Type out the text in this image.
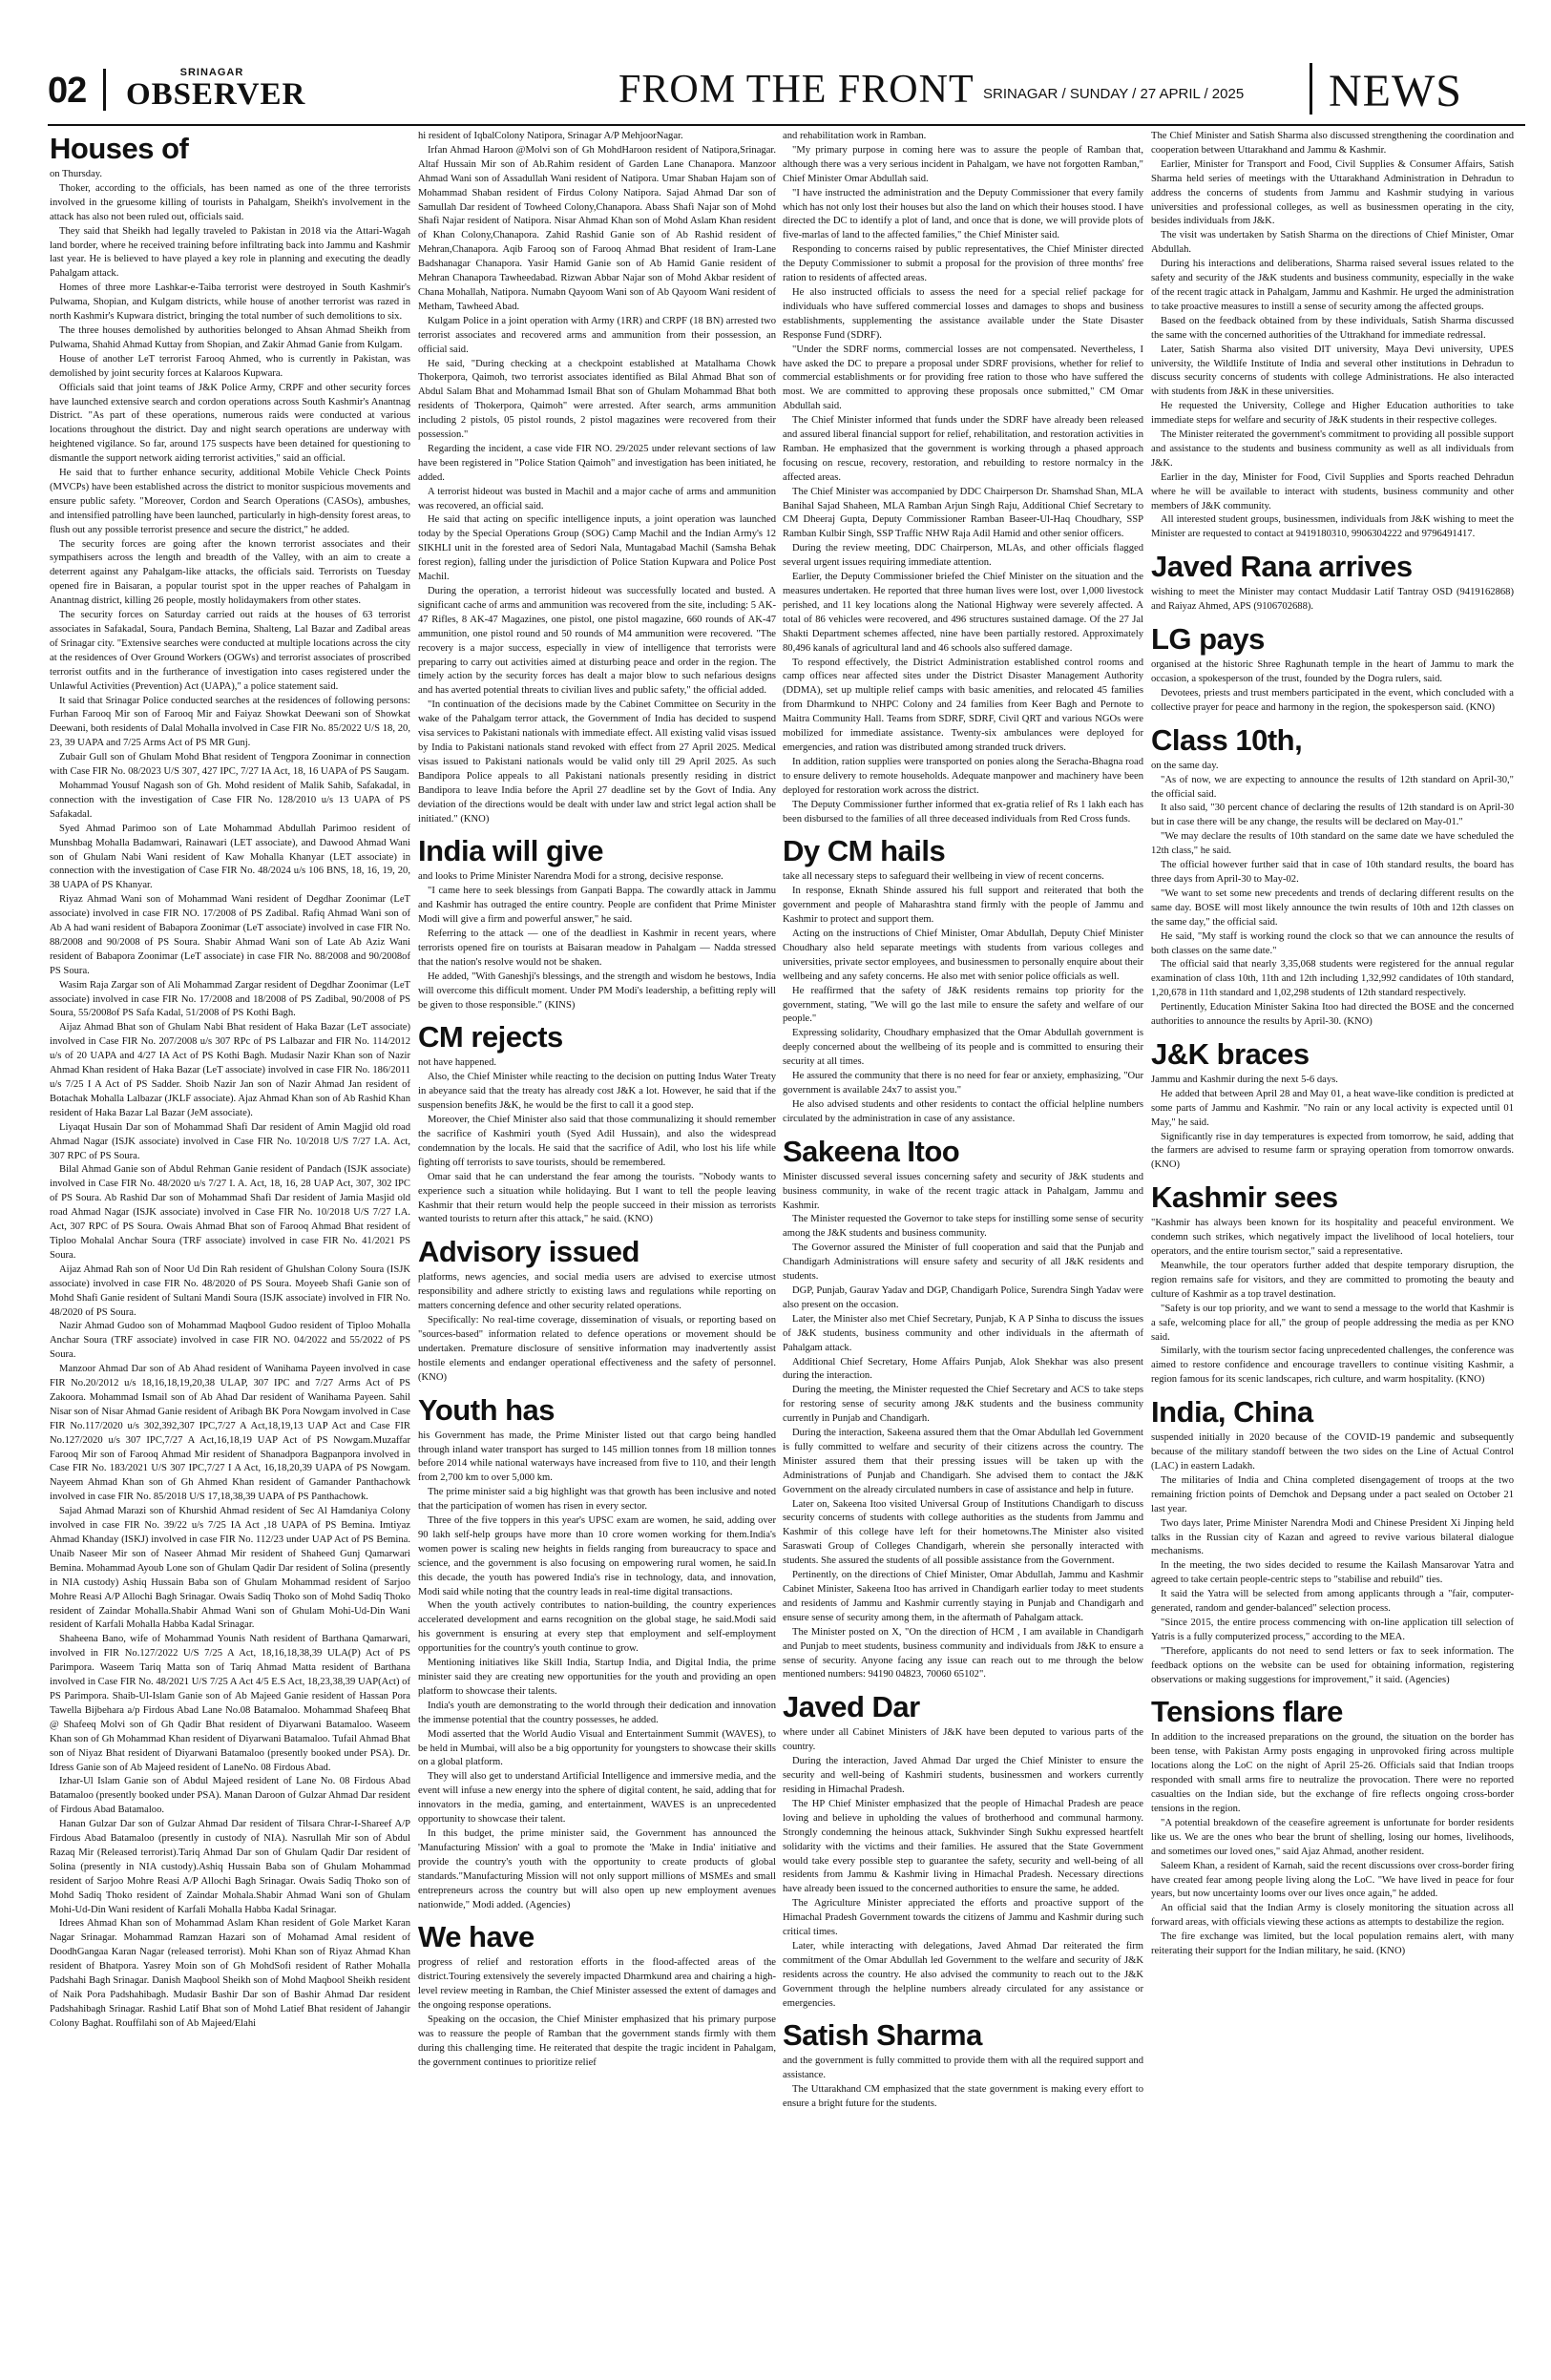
02	SRINAGAR
OBSERVER	FROM THE FRONT SRINAGAR / SUNDAY / 27 APRIL / 2025 NEWS
Houses of

on Thursday.

Thoker, according to the officials, has been named as one of the three terrorists involved in the gruesome killing of tourists in Pahalgam, Sheikh's involvement in the attack has also not been ruled out, officials said.

They said that Sheikh had legally traveled to Pakistan in 2018 via the Attari-Wagah land border, where he received training before infiltrating back into Jammu and Kashmir last year. He is believed to have played a key role in planning and executing the deadly Pahalgam attack.

Homes of three more Lashkar-e-Taiba terrorist were destroyed in South Kashmir's Pulwama, Shopian, and Kulgam districts, while house of another terrorist was razed in north Kashmir's Kupwara district, bringing the total number of such demolitions to six.

The three houses demolished by authorities belonged to Ahsan Ahmad Sheikh from Pulwama, Shahid Ahmad Kuttay from Shopian, and Zakir Ahmad Ganie from Kulgam.

House of another LeT terrorist Farooq Ahmed, who is currently in Pakistan, was demolished by joint security forces at Kalaroos Kupwara.

Officials said that joint teams of J&K Police Army, CRPF and other security forces have launched extensive search and cordon operations across South Kashmir's Anantnag District. "As part of these operations, numerous raids were conducted at various locations throughout the district. Day and night search operations are underway with heightened vigilance. So far, around 175 suspects have been detained for questioning to dismantle the support network aiding terrorist activities," said an official.

He said that to further enhance security, additional Mobile Vehicle Check Points (MVCPs) have been established across the district to monitor suspicious movements and ensure public safety. "Moreover, Cordon and Search Operations (CASOs), ambushes, and intensified patrolling have been launched, particularly in high-density forest areas, to flush out any possible terrorist presence and secure the district," he added.

The security forces are going after the known terrorist associates and their sympathisers across the length and breadth of the Valley, with an aim to create a deterrent against any Pahalgam-like attacks, the officials said. Terrorists on Tuesday opened fire in Baisaran, a popular tourist spot in the upper reaches of Pahalgam in Anantnag district, killing 26 people, mostly holidaymakers from other states.

The security forces on Saturday carried out raids at the houses of 63 terrorist associates in Safakadal, Soura, Pandach Bemina, Shalteng, Lal Bazar and Zadibal areas of Srinagar city. "Extensive searches were conducted at multiple locations across the city at the residences of Over Ground Workers (OGWs) and terrorist associates of proscribed terrorist outfits and in the furtherance of investigation into cases registered under the Unlawful Activities (Prevention) Act (UAPA)," a police statement said.

It said that Srinagar Police conducted searches at the residences of following persons: Furhan Farooq Mir son of Farooq Mir and Faiyaz Showkat Deewani son of Showkat Deewani, both residents of Dalal Mohalla involved in Case FIR No. 85/2022 U/S 18, 20, 23, 39 UAPA and 7/25 Arms Act of PS MR Gunj.

Zubair Gull son of Ghulam Mohd Bhat resident of Tengpora Zoonimar in connection with Case FIR No. 08/2023 U/S 307, 427 IPC, 7/27 IA Act, 18, 16 UAPA of PS Saugam.

Mohammad Yousuf Nagash son of Gh. Mohd resident of Malik Sahib, Safakadal, in connection with the investigation of Case FIR No. 128/2010 u/s 13 UAPA of PS Safakadal.

Syed Ahmad Parimoo son of Late Mohammad Abdullah Parimoo resident of Munshbag Mohalla Badamwari, Rainawari (LET associate), and Dawood Ahmad Wani son of Ghulam Nabi Wani resident of Kaw Mohalla Khanyar (LET associate) in connection with the investigation of Case FIR No. 48/2024 u/s 106 BNS, 18, 16, 19, 20, 38 UAPA of PS Khanyar.

Riyaz Ahmad Wani son of Mohammad Wani resident of Degdhar Zoonimar (LeT associate) involved in case FIR NO. 17/2008 of PS Zadibal. Rafiq Ahmad Wani son of Ab A had wani resident of Babapora Zoonimar (LeT associate) involved in case FIR No. 88/2008 and 90/2008 of PS Soura. Shabir Ahmad Wani son of Late Ab Aziz Wani resident of Babapora Zoonimar (LeT associate) in case FIR No. 88/2008 and 90/2008of PS Soura.

Wasim Raja Zargar son of Ali Mohammad Zargar resident of Degdhar Zoonimar (LeT associate) involved in case FIR No. 17/2008 and 18/2008 of PS Zadibal, 90/2008 of PS Soura, 55/2008of PS Safa Kadal, 51/2008 of PS Kothi Bagh.

Aijaz Ahmad Bhat son of Ghulam Nabi Bhat resident of Haka Bazar (LeT associate) involved in Case FIR No. 207/2008 u/s 307 RPc of PS Lalbazar and FIR No. 114/2012 u/s of 20 UAPA and 4/27 IA Act of PS Kothi Bagh. Mudasir Nazir Khan son of Nazir Ahmad Khan resident of Haka Bazar (LeT associate) involved in case FIR No. 186/2011 u/s 7/25 I A Act of PS Sadder. Shoib Nazir Jan son of Nazir Ahmad Jan resident of Botachak Mohalla Lalbazar (JKLF associate). Ajaz Ahmad Khan son of Ab Rashid Khan resident of Haka Bazar Lal Bazar (JeM associate).

Liyaqat Husain Dar son of Mohammad Shafi Dar resident of Amin Magjid old road Ahmad Nagar (ISJK associate) involved in Case FIR No. 10/2018 U/S 7/27 I.A. Act, 307 RPC of PS Soura.

Bilal Ahmad Ganie son of Abdul Rehman Ganie resident of Pandach (ISJK associate) involved in Case FIR No. 48/2020 u/s 7/27 I. A. Act, 18, 16, 28 UAP Act, 307, 302 IPC of PS Soura. Ab Rashid Dar son of Mohammad Shafi Dar resident of Jamia Masjid old road Ahmad Nagar (ISJK associate) involved in Case FIR No. 10/2018 U/S 7/27 I.A. Act, 307 RPC of PS Soura. Owais Ahmad Bhat son of Farooq Ahmad Bhat resident of Tiploo Mohalal Anchar Soura (TRF associate) involved in case FIR No. 41/2021 PS Soura.

Aijaz Ahmad Rah son of Noor Ud Din Rah resident of Ghulshan Colony Soura (ISJK associate) involved in case FIR No. 48/2020 of PS Soura. Moyeeb Shafi Ganie son of Mohd Shafi Ganie resident of Sultani Mandi Soura (ISJK associate) involved in FIR No. 48/2020 of PS Soura.

Nazir Ahmad Gudoo son of Mohammad Maqbool Gudoo resident of Tiploo Mohalla Anchar Soura (TRF associate) involved in case FIR NO. 04/2022 and 55/2022 of PS Soura.

Manzoor Ahmad Dar son of Ab Ahad resident of Wanihama Payeen involved in case FIR No.20/2012 u/s 18,16,18,19,20,38 ULAP, 307 IPC and 7/27 Arms Act of PS Zakoora. Mohammad Ismail son of Ab Ahad Dar resident of Wanihama Payeen. Sahil Nisar son of Nisar Ahmad Ganie resident of Aribagh BK Pora Nowgam involved in Case FIR No.117/2020 u/s 302,392,307 IPC,7/27 A Act,18,19,13 UAP Act and Case FIR No.127/2020 u/s 307 IPC,7/27 A Act,16,18,19 UAP Act of PS Nowgam.Muzaffar Farooq Mir son of Farooq Ahmad Mir resident of Shanadpora Bagpanpora involved in Case FIR No. 183/2021 U/S 307 IPC,7/27 I A Act, 16,18,20,39 UAPA of PS Nowgam. Nayeem Ahmad Khan son of Gh Ahmed Khan resident of Gamander Panthachowk involved in case FIR No. 85/2018 U/S 17,18,38,39 UAPA of PS Panthachowk.

Sajad Ahmad Marazi son of Khurshid Ahmad resident of Sec Al Hamdaniya Colony involved in case FIR No. 39/22 u/s 7/25 IA Act ,18 UAPA of PS Bemina. Imtiyaz Ahmad Khanday (ISKJ) involved in case FIR No. 112/23 under UAP Act of PS Bemina. Unaib Naseer Mir son of Naseer Ahmad Mir resident of Shaheed Gunj Qamarwari Bemina. Mohammad Ayoub Lone son of Ghulam Qadir Dar resident of Solina (presently in NIA custody) Ashiq Hussain Baba son of Ghulam Mohammad resident of Sarjoo Mohre Reasi A/P Allochi Bagh Srinagar. Owais Sadiq Thoko son of Mohd Sadiq Thoko resident of Zaindar Mohalla.Shabir Ahmad Wani son of Ghulam Mohi-Ud-Din Wani resident of Karfali Mohalla Habba Kadal Srinagar.

Shaheena Bano, wife of Mohammad Younis Nath resident of Barthana Qamarwari, involved in FIR No.127/2022 U/S 7/25 A Act, 18,16,18,38,39 ULA(P) Act of PS Parimpora. Waseem Tariq Matta son of Tariq Ahmad Matta resident of Barthana involved in Case FIR No. 48/2021 U/S 7/25 A Act 4/5 E.S Act, 18,23,38,39 UAP(Act) of PS Parimpora. Shaib-Ul-Islam Ganie son of Ab Majeed Ganie resident of Hassan Pora Tawella Bijbehara a/p Firdous Abad Lane No.08 Batamaloo. Mohammad Shafeeq Bhat @ Shafeeq Molvi son of Gh Qadir Bhat resident of Diyarwani Batamaloo. Waseem Khan son of Gh Mohammad Khan resident of Diyarwani Batamaloo. Tufail Ahmad Bhat son of Niyaz Bhat resident of Diyarwani Batamaloo (presently booked under PSA). Dr. Idress Ganie son of Ab Majeed resident of LaneNo. 08 Firdous Abad.

Izhar-Ul Islam Ganie son of Abdul Majeed resident of Lane No. 08 Firdous Abad Batamaloo (presently booked under PSA). Manan Daroon of Gulzar Ahmad Dar resident of Firdous Abad Batamaloo.

Hanan Gulzar Dar son of Gulzar Ahmad Dar resident of Tilsara Chrar-I-Shareef A/P Firdous Abad Batamaloo (presently in custody of NIA). Nasrullah Mir son of Abdul Razaq Mir (Released terrorist).Tariq Ahmad Dar son of Ghulam Qadir Dar resident of Solina (presently in NIA custody).Ashiq Hussain Baba son of Ghulam Mohammad resident of Sarjoo Mohre Reasi A/P Allochi Bagh Srinagar. Owais Sadiq Thoko son of Mohd Sadiq Thoko resident of Zaindar Mohala.Shabir Ahmad Wani son of Ghulam Mohi-Ud-Din Wani resident of Karfali Mohalla Habba Kadal Srinagar.

Idrees Ahmad Khan son of Mohammad Aslam Khan resident of Gole Market Karan Nagar Srinagar. Mohammad Ramzan Hazari son of Mohamad Amal resident of DoodhGangaa Karan Nagar (released terrorist). Mohi Khan son of Riyaz Ahmad Khan resident of Bhatpora. Yasrey Moin son of Gh MohdSofi resident of Rather Mohalla Padshahi Bagh Srinagar. Danish Maqbool Sheikh son of Mohd Maqbool Sheikh resident of Naik Pora Padshahibagh. Mudasir Bashir Dar son of Bashir Ahmad Dar resident Padshahibagh Srinagar. Rashid Latif Bhat son of Mohd Latief Bhat resident of Jahangir Colony Baghat. Rouffilahi son of Ab Majeed/Elahi

hi resident of IqbalColony Natipora, Srinagar A/P MehjoorNagar.

Irfan Ahmad Haroon @Molvi son of Gh MohdHaroon resident of Natipora,Srinagar. Altaf Hussain Mir son of Ab.Rahim resident of Garden Lane Chanapora. Manzoor Ahmad Wani son of Assadullah Wani resident of Natipora. Umar Shaban Hajam son of Mohammad Shaban resident of Firdus Colony Natipora. Sajad Ahmad Dar son of Samullah Dar resident of Towheed Colony,Chanapora. Abass Shafi Najar son of Mohd Shafi Najar resident of Natipora. Nisar Ahmad Khan son of Mohd Aslam Khan resident of Khan Colony,Chanapora. Zahid Rashid Ganie son of Ab Rashid resident of Mehran,Chanapora. Aqib Farooq son of Farooq Ahmad Bhat resident of Iram-Lane Badshanagar Chanapora. Yasir Hamid Ganie son of Ab Hamid Ganie resident of Mehran Chanapora Tawheedabad. Rizwan Abbar Najar son of Mohd Akbar resident of Chana Mohallah, Natipora. Numabn Qayoom Wani son of Ab Qayoom Wani resident of Metham, Tawheed Abad.

Kulgam Police in a joint operation with Army (1RR) and CRPF (18 BN) arrested two terrorist associates and recovered arms and ammunition from their possession, an official said.

He said, "During checking at a checkpoint established at Matalhama Chowk Thokerpora, Qaimoh, two terrorist associates identified as Bilal Ahmad Bhat son of Abdul Salam Bhat and Mohammad Ismail Bhat son of Ghulam Mohammad Bhat both residents of Thokerpora, Qaimoh" were arrested. After search, arms ammunition including 2 pistols, 05 pistol rounds, 2 pistol magazines were recovered from their possession."

Regarding the incident, a case vide FIR NO. 29/2025 under relevant sections of law have been registered in "Police Station Qaimoh" and investigation has been initiated, he added.

A terrorist hideout was busted in Machil and a major cache of arms and ammunition was recovered, an official said.

He said that acting on specific intelligence inputs, a joint operation was launched today by the Special Operations Group (SOG) Camp Machil and the Indian Army's 12 SIKHLI unit in the forested area of Sedori Nala, Muntagabad Machil (Samsha Behak forest region), falling under the jurisdiction of Police Station Kupwara and Police Post Machil.

During the operation, a terrorist hideout was successfully located and busted. A significant cache of arms and ammunition was recovered from the site, including: 5 AK-47 Rifles, 8 AK-47 Magazines, one pistol, one pistol magazine, 660 rounds of AK-47 ammunition, one pistol round and 50 rounds of M4 ammunition were recovered. "The recovery is a major success, especially in view of intelligence that terrorists were preparing to carry out activities aimed at disturbing peace and order in the region. The timely action by the security forces has dealt a major blow to such nefarious designs and has averted potential threats to civilian lives and public safety," the official added.

"In continuation of the decisions made by the Cabinet Committee on Security in the wake of the Pahalgam terror attack, the Government of India has decided to suspend visa services to Pakistani nationals with immediate effect. All existing valid visas issued by India to Pakistani nationals stand revoked with effect from 27 April 2025. Medical visas issued to Pakistani nationals would be valid only till 29 April 2025. As such Bandipora Police appeals to all Pakistani nationals presently residing in district Bandipora to leave India before the April 27 deadline set by the Govt of India. Any deviation of the directions would be dealt with under law and strict legal action shall be initiated." (KNO)

India will give

and looks to Prime Minister Narendra Modi for a strong, decisive response.

"I came here to seek blessings from Ganpati Bappa. The cowardly attack in Jammu and Kashmir has outraged the entire country. People are confident that Prime Minister Modi will give a firm and powerful answer," he said.

Referring to the attack — one of the deadliest in Kashmir in recent years, where terrorists opened fire on tourists at Baisaran meadow in Pahalgam — Nadda stressed that the nation's resolve would not be shaken.

He added, "With Ganeshji's blessings, and the strength and wisdom he bestows, India will overcome this difficult moment. Under PM Modi's leadership, a befitting reply will be given to those responsible." (KINS)

CM rejects

not have happened.

Also, the Chief Minister while reacting to the decision on putting Indus Water Treaty in abeyance said that the treaty has already cost J&K a lot. However, he said that if the suspension benefits J&K, he would be the first to call it a good step.

Moreover, the Chief Minister also said that those communalizing it should remember the sacrifice of Kashmiri youth (Syed Adil Hussain), and also the widespread condemnation by the locals. He said that the sacrifice of Adil, who lost his life while fighting off terrorists to save tourists, should be remembered.

Omar said that he can understand the fear among the tourists. "Nobody wants to experience such a situation while holidaying. But I want to tell the people leaving Kashmir that their return would help the people succeed in their mission as terrorists wanted tourists to return after this attack," he said. (KNO)

Advisory issued

platforms, news agencies, and social media users are advised to exercise utmost responsibility and adhere strictly to existing laws and regulations while reporting on matters concerning defence and other security related operations.

Specifically: No real-time coverage, dissemination of visuals, or reporting based on "sources-based" information related to defence operations or movement should be undertaken. Premature disclosure of sensitive information may inadvertently assist hostile elements and endanger operational effectiveness and the safety of personnel. (KNO)

Youth has

his Government has made, the Prime Minister listed out that cargo being handled through inland water transport has surged to 145 million tonnes from 18 million tonnes before 2014 while national waterways have increased from five to 110, and their length from 2,700 km to over 5,000 km.

The prime minister said a big highlight was that growth has been inclusive and noted that the participation of women has risen in every sector.

Three of the five toppers in this year's UPSC exam are women, he said, adding over 90 lakh self-help groups have more than 10 crore women working for them.India's women power is scaling new heights in fields ranging from bureaucracy to space and science, and the government is also focusing on empowering rural women, he said.In this decade, the youth has powered India's rise in technology, data, and innovation, Modi said while noting that the country leads in real-time digital transactions.

When the youth actively contributes to nation-building, the country experiences accelerated development and earns recognition on the global stage, he said.Modi said his government is ensuring at every step that employment and self-employment opportunities for the country's youth continue to grow.

Mentioning initiatives like Skill India, Startup India, and Digital India, the prime minister said they are creating new opportunities for the youth and providing an open platform to showcase their talents.

India's youth are demonstrating to the world through their dedication and innovation the immense potential that the country possesses, he added.

Modi asserted that the World Audio Visual and Entertainment Summit (WAVES), to be held in Mumbai, will also be a big opportunity for youngsters to showcase their skills on a global platform.

They will also get to understand Artificial Intelligence and immersive media, and the event will infuse a new energy into the sphere of digital content, he said, adding that for innovators in the media, gaming, and entertainment, WAVES is an unprecedented opportunity to showcase their talent.

In this budget, the prime minister said, the Government has announced the 'Manufacturing Mission' with a goal to promote the 'Make in India' initiative and provide the country's youth with the opportunity to create products of global standards."Manufacturing Mission will not only support millions of MSMEs and small entrepreneurs across the country but will also open up new employment avenues nationwide," Modi added. (Agencies)

We have

progress of relief and restoration efforts in the flood-affected areas of the district.Touring extensively the severely impacted Dharmkund area and chairing a high-level review meeting in Ramban, the Chief Minister assessed the extent of damages and the ongoing response operations.

Speaking on the occasion, the Chief Minister emphasized that his primary purpose was to reassure the people of Ramban that the government stands firmly with them during this challenging time. He reiterated that despite the tragic incident in Pahalgam, the government continues to prioritize relief

and rehabilitation work in Ramban.

"My primary purpose in coming here was to assure the people of Ramban that, although there was a very serious incident in Pahalgam, we have not forgotten Ramban," Chief Minister Omar Abdullah said.

"I have instructed the administration and the Deputy Commissioner that every family which has not only lost their houses but also the land on which their houses stood. I have directed the DC to identify a plot of land, and once that is done, we will provide plots of five-marlas of land to the affected families," the Chief Minister said.

Responding to concerns raised by public representatives, the Chief Minister directed the Deputy Commissioner to submit a proposal for the provision of three months' free ration to residents of affected areas.

He also instructed officials to assess the need for a special relief package for individuals who have suffered commercial losses and damages to shops and business establishments, supplementing the assistance available under the State Disaster Response Fund (SDRF).

"Under the SDRF norms, commercial losses are not compensated. Nevertheless, I have asked the DC to prepare a proposal under SDRF provisions, whether for relief to commercial establishments or for providing free ration to those who have suffered the most. We are committed to approving these proposals once submitted," CM Omar Abdullah said.

The Chief Minister informed that funds under the SDRF have already been released and assured liberal financial support for relief, rehabilitation, and restoration activities in Ramban. He emphasized that the government is working through a phased approach focusing on rescue, recovery, restoration, and rebuilding to restore normalcy in the affected areas.

The Chief Minister was accompanied by DDC Chairperson Dr. Shamshad Shan, MLA Banihal Sajad Shaheen, MLA Ramban Arjun Singh Raju, Additional Chief Secretary to CM Dheeraj Gupta, Deputy Commissioner Ramban Baseer-Ul-Haq Choudhary, SSP Ramban Kulbir Singh, SSP Traffic NHW Raja Adil Hamid and other senior officers.

During the review meeting, DDC Chairperson, MLAs, and other officials flagged several urgent issues requiring immediate attention.

Earlier, the Deputy Commissioner briefed the Chief Minister on the situation and the measures undertaken. He reported that three human lives were lost, over 1,000 livestock perished, and 11 key locations along the National Highway were severely affected. A total of 86 vehicles were recovered, and 496 structures sustained damage. Of the 27 Jal Shakti Department schemes affected, nine have been partially restored. Approximately 80,496 kanals of agricultural land and 46 schools also suffered damage.

To respond effectively, the District Administration established control rooms and camp offices near affected sites under the District Disaster Management Authority (DDMA), set up multiple relief camps with basic amenities, and relocated 45 families from Dharmkund to NHPC Colony and 24 families from Keer Bagh and Pernote to Maitra Community Hall. Teams from SDRF, SDRF, Civil QRT and various NGOs were mobilized for immediate assistance. Twenty-six ambulances were deployed for emergencies, and ration was distributed among stranded truck drivers.

In addition, ration supplies were transported on ponies along the Seracha-Bhagna road to ensure delivery to remote households. Adequate manpower and machinery have been deployed for restoration work across the district.

The Deputy Commissioner further informed that ex-gratia relief of Rs 1 lakh each has been disbursed to the families of all three deceased individuals from Red Cross funds.

Dy CM hails

take all necessary steps to safeguard their wellbeing in view of recent concerns.

In response, Eknath Shinde assured his full support and reiterated that both the government and people of Maharashtra stand firmly with the people of Jammu and Kashmir to protect and support them.

Acting on the instructions of Chief Minister, Omar Abdullah, Deputy Chief Minister Choudhary also held separate meetings with students from various colleges and universities, private sector employees, and businessmen to personally enquire about their wellbeing and any safety concerns. He also met with senior police officials as well.

He reaffirmed that the safety of J&K residents remains top priority for the government, stating, "We will go the last mile to ensure the safety and welfare of our people."

Expressing solidarity, Choudhary emphasized that the Omar Abdullah government is deeply concerned about the wellbeing of its people and is committed to ensuring their security at all times.

He assured the community that there is no need for fear or anxiety, emphasizing, "Our government is available 24x7 to assist you."

He also advised students and other residents to contact the official helpline numbers circulated by the administration in case of any assistance.

Sakeena Itoo

Minister discussed several issues concerning safety and security of J&K students and business community, in wake of the recent tragic attack in Pahalgam, Jammu and Kashmir.

The Minister requested the Governor to take steps for instilling some sense of security among the J&K students and business community.

The Governor assured the Minister of full cooperation and said that the Punjab and Chandigarh Administrations will ensure safety and security of all J&K residents and students.

DGP, Punjab, Gaurav Yadav and DGP, Chandigarh Police, Surendra Singh Yadav were also present on the occasion.

Later, the Minister also met Chief Secretary, Punjab, K A P Sinha to discuss the issues of J&K students, business community and other individuals in the aftermath of Pahalgam attack.

Additional Chief Secretary, Home Affairs Punjab, Alok Shekhar was also present during the interaction.

During the meeting, the Minister requested the Chief Secretary and ACS to take steps for restoring sense of security among J&K students and the business community currently in Punjab and Chandigarh.

During the interaction, Sakeena assured them that the Omar Abdullah led Government is fully committed to welfare and security of their citizens across the country. The Minister assured them that their pressing issues will be taken up with the Administrations of Punjab and Chandigarh. She advised them to contact the J&K Government on the already circulated numbers in case of assistance and help in future.

Later on, Sakeena Itoo visited Universal Group of Institutions Chandigarh to discuss security concerns of students with college authorities as the students from Jammu and Kashmir of this college have left for their hometowns.The Minister also visited Saraswati Group of Colleges Chandigarh, wherein she personally interacted with students. She assured the students of all possible assistance from the Government.

Pertinently, on the directions of Chief Minister, Omar Abdullah, Jammu and Kashmir Cabinet Minister, Sakeena Itoo has arrived in Chandigarh earlier today to meet students and residents of Jammu and Kashmir currently staying in Punjab and Chandigarh and ensure sense of security among them, in the aftermath of Pahalgam attack.

The Minister posted on X, "On the direction of HCM , I am available in Chandigarh and Punjab to meet students, business community and individuals from J&K to ensure a sense of security. Anyone facing any issue can reach out to me through the below mentioned numbers: 94190 04823, 70060 65102".

Javed Dar

where under all Cabinet Ministers of J&K have been deputed to various parts of the country.

During the interaction, Javed Ahmad Dar urged the Chief Minister to ensure the security and well-being of Kashmiri students, businessmen and workers currently residing in Himachal Pradesh.

The HP Chief Minister emphasized that the people of Himachal Pradesh are peace loving and believe in upholding the values of brotherhood and communal harmony. Strongly condemning the heinous attack, Sukhvinder Singh Sukhu expressed heartfelt solidarity with the victims and their families. He assured that the State Government would take every possible step to guarantee the safety, security and well-being of all residents from Jammu & Kashmir living in Himachal Pradesh. Necessary directions have already been issued to the concerned authorities to ensure the same, he added.

The Agriculture Minister appreciated the efforts and proactive support of the Himachal Pradesh Government towards the citizens of Jammu and Kashmir during such critical times.

Later, while interacting with delegations, Javed Ahmad Dar reiterated the firm commitment of the Omar Abdullah led Government to the welfare and security of J&K residents across the country. He also advised the community to reach out to the J&K Government through the helpline numbers already circulated for any assistance or emergencies.

Satish Sharma

and the government is fully committed to provide them with all the required support and assistance.

The Uttarakhand CM emphasized that the state government is making every effort to ensure a bright future for the students.

The Chief Minister and Satish Sharma also discussed strengthening the coordination and cooperation between Uttarakhand and Jammu & Kashmir.

Earlier, Minister for Transport and Food, Civil Supplies & Consumer Affairs, Satish Sharma held series of meetings with the Uttarakhand Administration in Dehradun to address the concerns of students from Jammu and Kashmir studying in various universities and professional colleges, as well as businessmen operating in the city, besides individuals from J&K.

The visit was undertaken by Satish Sharma on the directions of Chief Minister, Omar Abdullah.

During his interactions and deliberations, Sharma raised several issues related to the safety and security of the J&K students and business community, especially in the wake of the recent tragic attack in Pahalgam, Jammu and Kashmir. He urged the administration to take proactive measures to instill a sense of security among the affected groups.

Based on the feedback obtained from by these individuals, Satish Sharma discussed the same with the concerned authorities of the Uttrakhand for immediate redressal.

Later, Satish Sharma also visited DIT university, Maya Devi university, UPES university, the Wildlife Institute of India and several other institutions in Dehradun to discuss security concerns of students with college Administrations. He also interacted with students from J&K in these universities.

He requested the University, College and Higher Education authorities to take immediate steps for welfare and security of J&K students in their respective colleges.

The Minister reiterated the government's commitment to providing all possible support and assistance to the students and business community as well as all individuals from J&K.

Earlier in the day, Minister for Food, Civil Supplies and Sports reached Dehradun where he will be available to interact with students, business community and other members of J&K community.

All interested student groups, businessmen, individuals from J&K wishing to meet the Minister are requested to contact at 9419180310, 9906304222 and 9796491417.

Javed Rana arrives

wishing to meet the Minister may contact Muddasir Latif Tantray OSD (9419162868) and Raiyaz Ahmed, APS (9106702688).

LG pays

organised at the historic Shree Raghunath temple in the heart of Jammu to mark the occasion, a spokesperson of the trust, founded by the Dogra rulers, said.

Devotees, priests and trust members participated in the event, which concluded with a collective prayer for peace and harmony in the region, the spokesperson said. (KNO)

Class 10th,

on the same day.

"As of now, we are expecting to announce the results of 12th standard on April-30," the official said.

It also said, "30 percent chance of declaring the results of 12th standard is on April-30 but in case there will be any change, the results will be declared on May-01."

"We may declare the results of 10th standard on the same date we have scheduled the 12th class," he said.

The official however further said that in case of 10th standard results, the board has three days from April-30 to May-02.

"We want to set some new precedents and trends of declaring different results on the same day. BOSE will most likely announce the twin results of 10th and 12th classes on the same day," the official said.

He said, "My staff is working round the clock so that we can announce the results of both classes on the same date."

The official said that nearly 3,35,068 students were registered for the annual regular examination of class 10th, 11th and 12th including 1,32,992 candidates of 10th standard, 1,20,678 in 11th standard and 1,02,298 students of 12th standard respectively.

Pertinently, Education Minister Sakina Itoo had directed the BOSE and the concerned authorities to announce the results by April-30. (KNO)

J&K braces

Jammu and Kashmir during the next 5-6 days.

He added that between April 28 and May 01, a heat wave-like condition is predicted at some parts of Jammu and Kashmir. "No rain or any local activity is expected until 01 May," he said.

Significantly rise in day temperatures is expected from tomorrow, he said, adding that the farmers are advised to resume farm or spraying operation from tomorrow onwards. (KNO)

Kashmir sees

"Kashmir has always been known for its hospitality and peaceful environment. We condemn such strikes, which negatively impact the livelihood of local hoteliers, tour operators, and the entire tourism sector," said a representative.

Meanwhile, the tour operators further added that despite temporary disruption, the region remains safe for visitors, and they are committed to promoting the beauty and culture of Kashmir as a top travel destination.

"Safety is our top priority, and we want to send a message to the world that Kashmir is a safe, welcoming place for all," the group of people addressing the media as per KNO said.

Similarly, with the tourism sector facing unprecedented challenges, the conference was aimed to restore confidence and encourage travellers to continue visiting Kashmir, a region famous for its scenic landscapes, rich culture, and warm hospitality. (KNO)

India, China

suspended initially in 2020 because of the COVID-19 pandemic and subsequently because of the military standoff between the two sides on the Line of Actual Control (LAC) in eastern Ladakh.

The militaries of India and China completed disengagement of troops at the two remaining friction points of Demchok and Depsang under a pact sealed on October 21 last year.

Two days later, Prime Minister Narendra Modi and Chinese President Xi Jinping held talks in the Russian city of Kazan and agreed to revive various bilateral dialogue mechanisms.

In the meeting, the two sides decided to resume the Kailash Mansarovar Yatra and agreed to take certain people-centric steps to "stabilise and rebuild" ties.

It said the Yatra will be selected from among applicants through a "fair, computer-generated, random and gender-balanced" selection process.

"Since 2015, the entire process commencing with on-line application till selection of Yatris is a fully computerized process," according to the MEA.

"Therefore, applicants do not need to send letters or fax to seek information. The feedback options on the website can be used for obtaining information, registering observations or making suggestions for improvement," it said. (Agencies)

Tensions flare

In addition to the increased preparations on the ground, the situation on the border has been tense, with Pakistan Army posts engaging in unprovoked firing across multiple locations along the LoC on the night of April 25-26. Officials said that Indian troops responded with small arms fire to neutralize the provocation. There were no reported casualties on the Indian side, but the exchange of fire reflects ongoing cross-border tensions in the region.

"A potential breakdown of the ceasefire agreement is unfortunate for border residents like us. We are the ones who bear the brunt of shelling, losing our homes, livelihoods, and sometimes our loved ones," said Ajaz Ahmad, another resident.

Saleem Khan, a resident of Karnah, said the recent discussions over cross-border firing have created fear among people living along the LoC. "We have lived in peace for four years, but now uncertainty looms over our lives once again," he added.

An official said that the Indian Army is closely monitoring the situation across all forward areas, with officials viewing these actions as attempts to destabilize the region.

The fire exchange was limited, but the local population remains alert, with many reiterating their support for the Indian military, he said. (KNO)
